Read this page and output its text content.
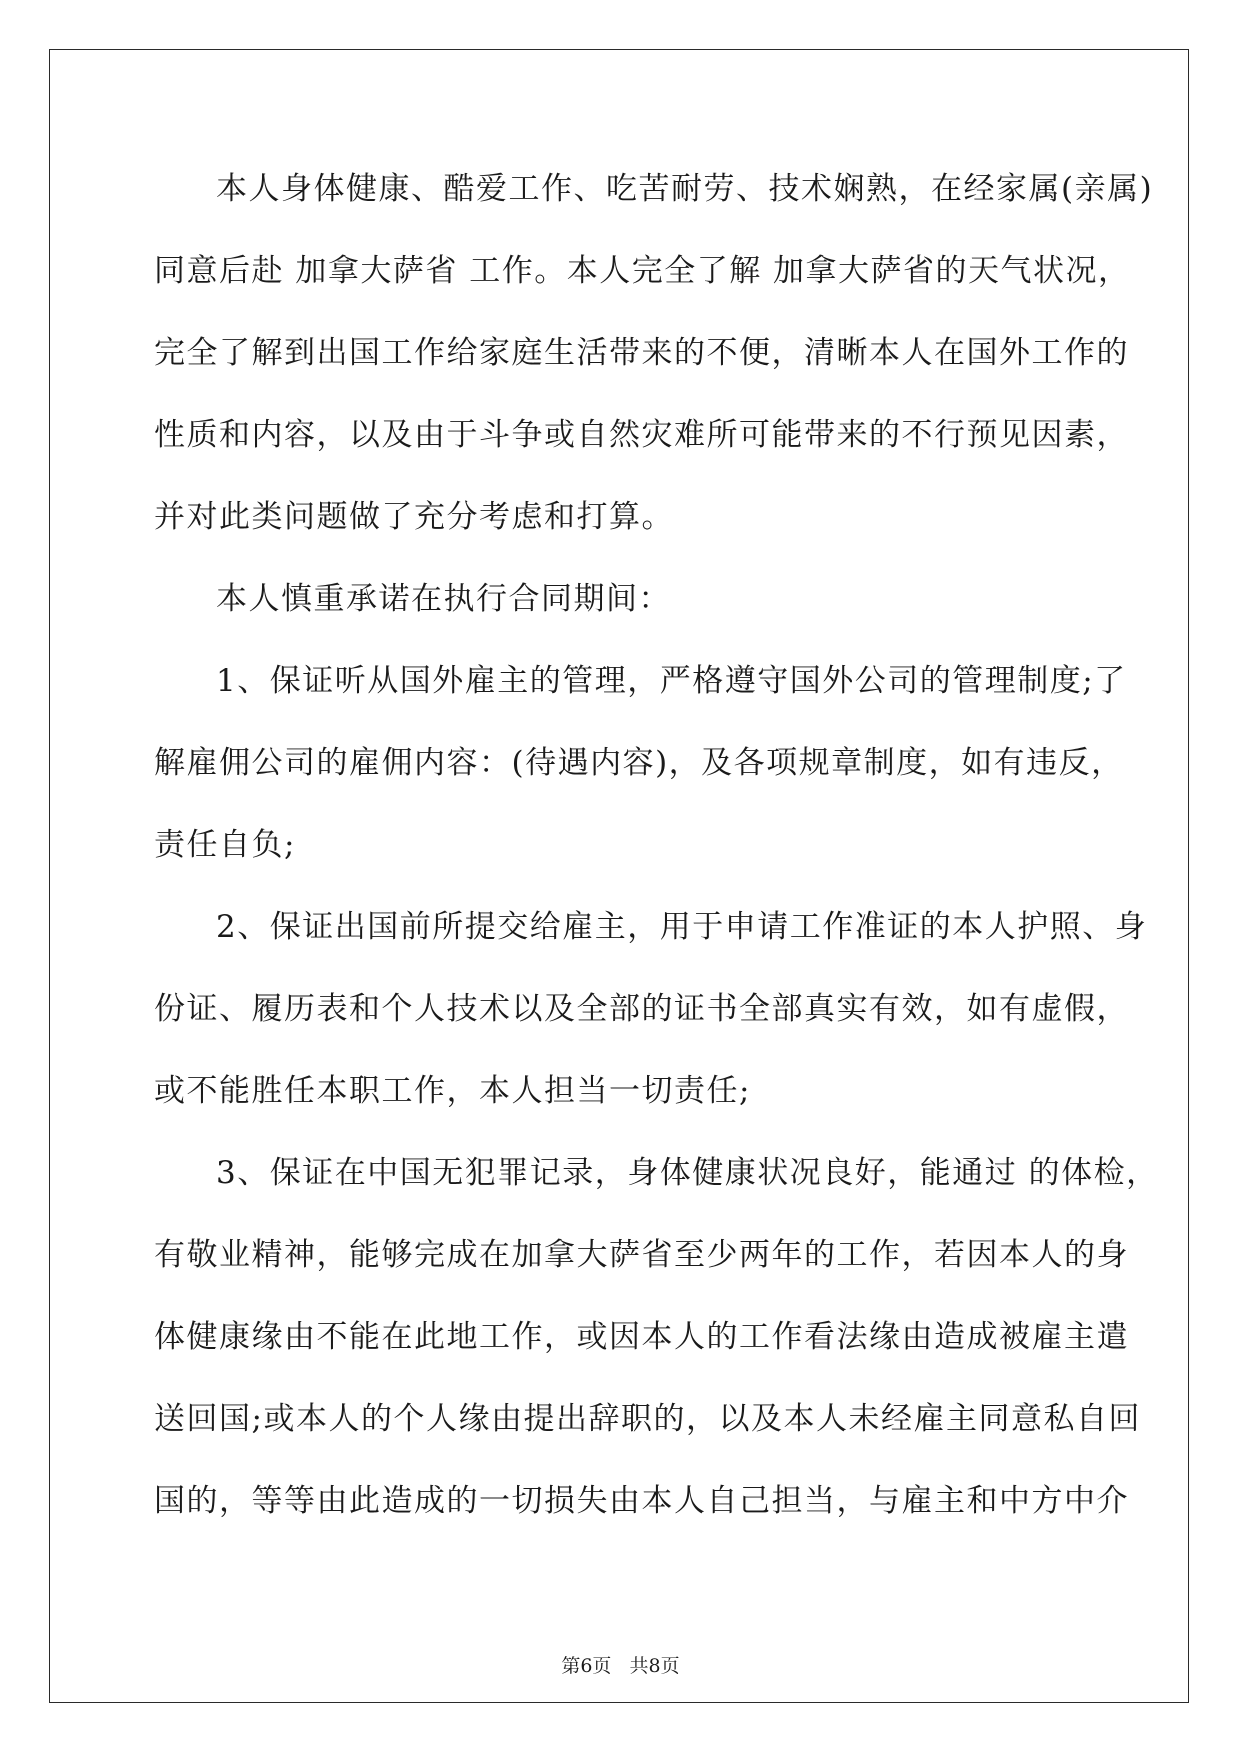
本人身体健康、酷爱工作、吃苦耐劳、技术娴熟，在经家属(亲属)
同意后赴 加拿大萨省 工作。本人完全了解 加拿大萨省的天气状况，
完全了解到出国工作给家庭生活带来的不便，清晰本人在国外工作的
性质和内容，以及由于斗争或自然灾难所可能带来的不行预见因素，
并对此类问题做了充分考虑和打算。
本人慎重承诺在执行合同期间：
1、保证听从国外雇主的管理，严格遵守国外公司的管理制度;了
解雇佣公司的雇佣内容：(待遇内容)，及各项规章制度，如有违反，
责任自负;
2、保证出国前所提交给雇主，用于申请工作准证的本人护照、身
份证、履历表和个人技术以及全部的证书全部真实有效，如有虚假，
或不能胜任本职工作，本人担当一切责任;
3、保证在中国无犯罪记录，身体健康状况良好，能通过 的体检，
有敬业精神，能够完成在加拿大萨省至少两年的工作，若因本人的身
体健康缘由不能在此地工作，或因本人的工作看法缘由造成被雇主遣
送回国;或本人的个人缘由提出辞职的，以及本人未经雇主同意私自回
国的，等等由此造成的一切损失由本人自己担当，与雇主和中方中介
第6页   共8页
